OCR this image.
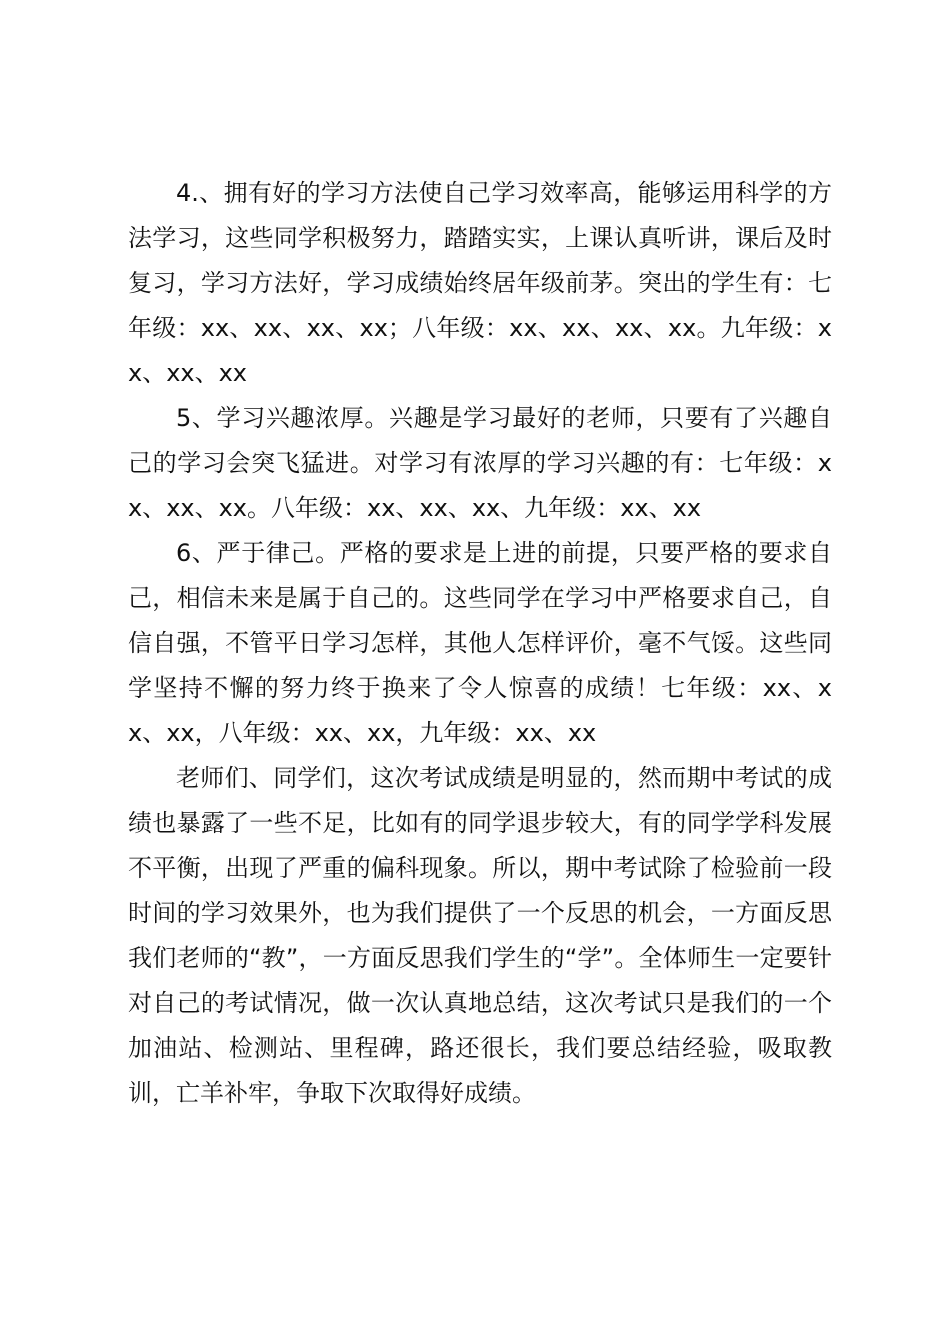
4.、拥有好的学习方法使自己学习效率高，能够运用科学的方法学习，这些同学积极努力，踏踏实实，上课认真听讲，课后及时复习，学习方法好，学习成绩始终居年级前茅。突出的学生有：七年级：xx、xx、xx、xx；八年级：xx、xx、xx、xx。九年级：xx、xx、xx

5、学习兴趣浓厚。兴趣是学习最好的老师，只要有了兴趣自己的学习会突飞猛进。对学习有浓厚的学习兴趣的有：七年级：xx、xx、xx。八年级：xx、xx、xx、九年级：xx、xx

6、严于律己。严格的要求是上进的前提，只要严格的要求自己，相信未来是属于自己的。这些同学在学习中严格要求自己，自信自强，不管平日学习怎样，其他人怎样评价，毫不气馁。这些同学坚持不懈的努力终于换来了令人惊喜的成绩！七年级：xx、xx、xx，八年级：xx、xx，九年级：xx、xx

老师们、同学们，这次考试成绩是明显的，然而期中考试的成绩也暴露了一些不足，比如有的同学退步较大，有的同学学科发展不平衡，出现了严重的偏科现象。所以，期中考试除了检验前一段时间的学习效果外，也为我们提供了一个反思的机会，一方面反思我们老师的“教”，一方面反思我们学生的“学”。全体师生一定要针对自己的考试情况，做一次认真地总结，这次考试只是我们的一个加油站、检测站、里程碑，路还很长，我们要总结经验，吸取教训，亡羊补牢，争取下次取得好成绩。
